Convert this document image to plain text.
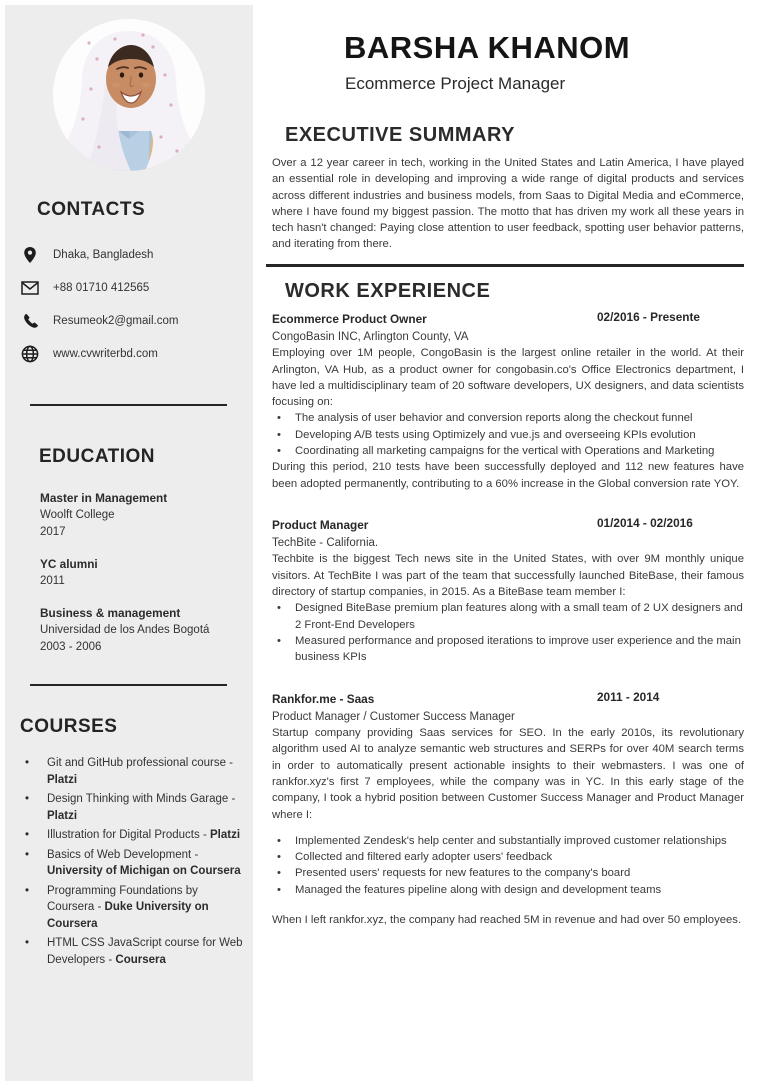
CONTACTS
Dhaka, Bangladesh
+88 01710 412565
Resumeok2@gmail.com
www.cvwriterbd.com
EDUCATION
Master in Management
Woolft College
2017
YC alumni
2011
Business & management
Universidad de los Andes Bogotá
2003 - 2006
COURSES
• Git and GitHub professional course - Platzi
• Design Thinking with Minds Garage - Platzi
• Illustration for Digital Products - Platzi
• Basics of Web Development - University of Michigan on Coursera
• Programming Foundations by Coursera - Duke University on Coursera
• HTML CSS JavaScript course for Web Developers - Coursera
BARSHA KHANOM
Ecommerce Project Manager
EXECUTIVE SUMMARY

Over a 12 year career in tech, working in the United States and Latin America, I have played an essential role in developing and improving a wide range of digital products and services across different industries and business models, from Saas to Digital Media and eCommerce, where I have found my biggest passion. The motto that has driven my work all these years in tech hasn't changed: Paying close attention to user feedback, spotting user behavior patterns, and iterating from there.

WORK EXPERIENCE
Ecommerce Product Owner	02/2016 - Presente
CongoBasin INC, Arlington County, VA

Employing over 1M people, CongoBasin is the largest online retailer in the world. At their Arlington, VA Hub, as a product owner for congobasin.co's Office Electronics department, I have led a multidisciplinary team of 20 software developers, UX designers, and data scientists focusing on:

• The analysis of user behavior and conversion reports along the checkout funnel
• Developing A/B tests using Optimizely and vue.js and overseeing KPIs evolution
• Coordinating all marketing campaigns for the vertical with Operations and Marketing

During this period, 210 tests have been successfully deployed and 112 new features have been adopted permanently, contributing to a 60% increase in the Global conversion rate YOY.

Product Manager	01/2014 - 02/2016
TechBite - California.

Techbite is the biggest Tech news site in the United States, with over 9M monthly unique visitors. At TechBite I was part of the team that successfully launched BiteBase, their famous directory of startup companies, in 2015. As a BiteBase team member I:

• Designed BiteBase premium plan features along with a small team of 2 UX designers and 2 Front-End Developers
• Measured performance and proposed iterations to improve user experience and the main business KPIs
Rankfor.me - Saas	2011 - 2014
Product Manager / Customer Success Manager

Startup company providing Saas services for SEO. In the early 2010s, its revolutionary algorithm used AI to analyze semantic web structures and SERPs for over 40M search terms in order to automatically present actionable insights to their webmasters. I was one of rankfor.xyz's first 7 employees, while the company was in YC. In this early stage of the company, I took a hybrid position between Customer Success Manager and Product Manager where I:

• Implemented Zendesk's help center and substantially improved customer relationships
• Collected and filtered early adopter users' feedback
• Presented users' requests for new features to the company's board
• Managed the features pipeline along with design and development teams

When I left rankfor.xyz, the company had reached 5M in revenue and had over 50 employees.
